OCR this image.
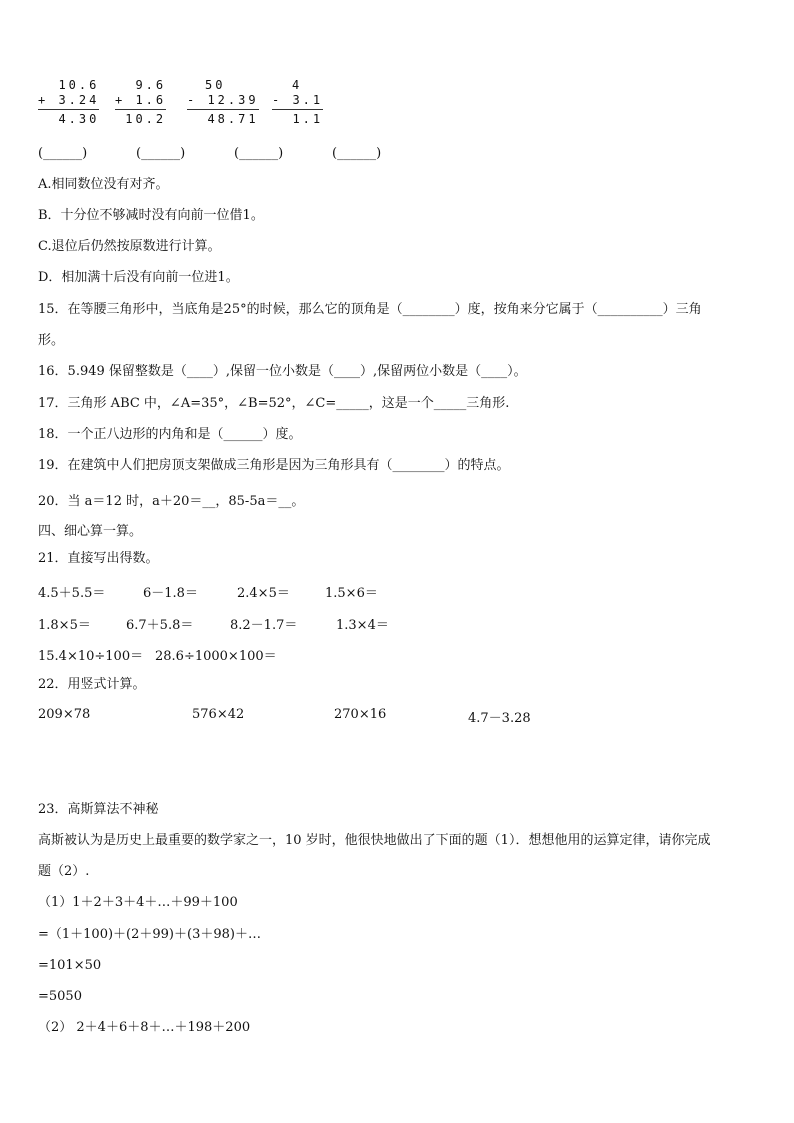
10.6
+ 3.24
4.30
9.6
+ 1.6
10.2
50
- 12.39
48.71
4
- 3.1
1.1
(______)	(______)	(______)	(______)
A.相同数位没有对齐。
B．十分位不够减时没有向前一位借1。
C.退位后仍然按原数进行计算。
D．相加满十后没有向前一位进1。
15．在等腰三角形中，当底角是25°的时候，那么它的顶角是（________）度，按角来分它属于（__________）三角
形。
16．5.949 保留整数是（____）,保留一位小数是（____）,保留两位小数是（____）。
17．三角形 ABC 中，∠A=35°，∠B=52°，∠C=_____，这是一个_____三角形.
18．一个正八边形的内角和是（______）度。
19．在建筑中人们把房顶支架做成三角形是因为三角形具有（________）的特点。
20．当 a＝12 时，a＋20＝__，85-5a＝__。
四、细心算一算。
21．直接写出得数。
4.5＋5.5＝	6－1.8＝	2.4×5＝	1.5×6＝
1.8×5＝	6.7＋5.8＝	8.2－1.7＝	1.3×4＝
15.4×10÷100＝ 28.6÷1000×100＝
22．用竖式计算。
209×78	576×42	270×16	4.7－3.28
23．高斯算法不神秘
高斯被认为是历史上最重要的数学家之一，10 岁时，他很快地做出了下面的题（1）．想想他用的运算定律，请你完成
题（2）.
（1）1＋2＋3＋4＋…＋99＋100
=（1＋100)＋(2＋99)＋(3＋98)＋…
=101×50
=5050
（2） 2＋4＋6＋8＋…＋198＋200
